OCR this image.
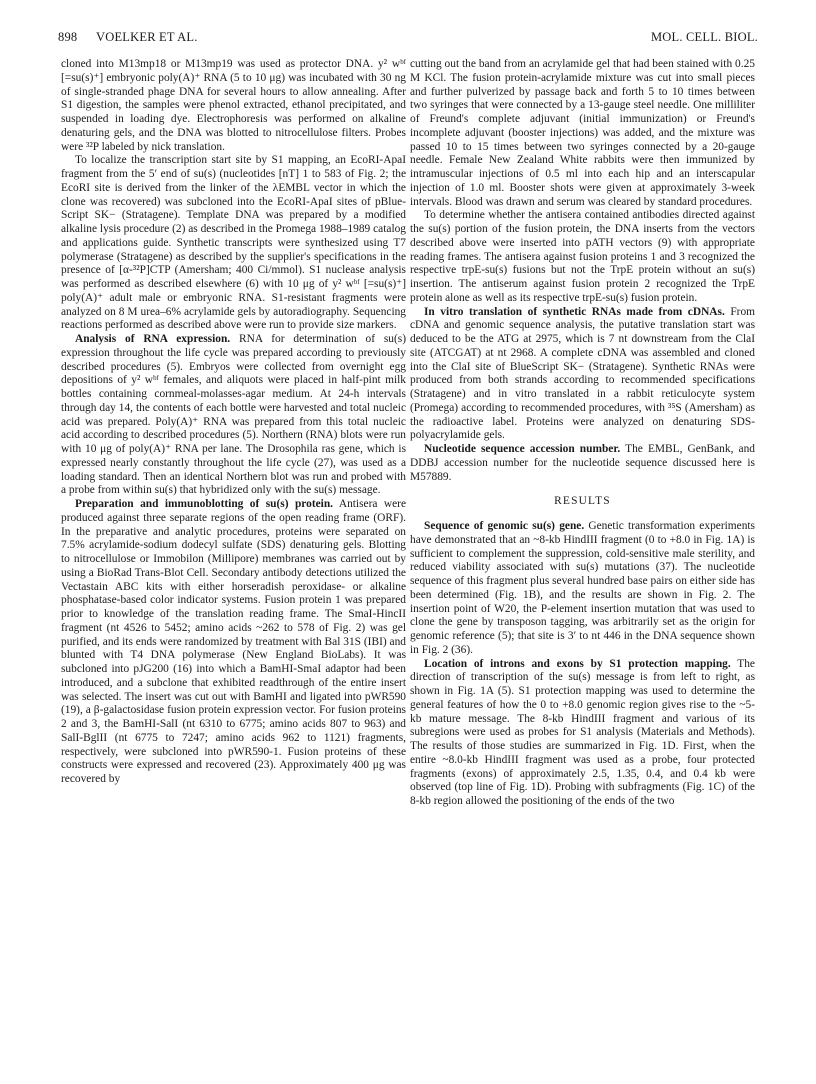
898 VOELKER ET AL.	MOL. CELL. BIOL.

cloned into M13mp18 or M13mp19 was used as protector DNA. y² wᵇᶠ [=su(s)⁺] embryonic poly(A)⁺ RNA (5 to 10 μg) was incubated with 30 ng of single-stranded phage DNA for several hours to allow annealing. After S1 digestion, the samples were phenol extracted, ethanol precipitated, and suspended in loading dye. Electrophoresis was performed on alkaline denaturing gels, and the DNA was blotted to nitrocellulose filters. Probes were ³²P labeled by nick translation.

To localize the transcription start site by S1 mapping, an EcoRI-ApaI fragment from the 5′ end of su(s) (nucleotides [nT] 1 to 583 of Fig. 2; the EcoRI site is derived from the linker of the λEMBL vector in which the clone was recovered) was subcloned into the EcoRI-ApaI sites of pBlue-Script SK− (Stratagene). Template DNA was prepared by a modified alkaline lysis procedure (2) as described in the Promega 1988–1989 catalog and applications guide. Synthetic transcripts were synthesized using T7 polymerase (Stratagene) as described by the supplier's specifications in the presence of [α-³²P]CTP (Amersham; 400 Ci/mmol). S1 nuclease analysis was performed as described elsewhere (6) with 10 μg of y² wᵇᶠ [=su(s)⁺] poly(A)⁺ adult male or embryonic RNA. S1-resistant fragments were analyzed on 8 M urea–6% acrylamide gels by autoradiography. Sequencing reactions performed as described above were run to provide size markers.

Analysis of RNA expression. RNA for determination of su(s) expression throughout the life cycle was prepared according to previously described procedures (5). Embryos were collected from overnight egg depositions of y² wᵇᶠ females, and aliquots were placed in half-pint milk bottles containing cornmeal-molasses-agar medium. At 24-h intervals through day 14, the contents of each bottle were harvested and total nucleic acid was prepared. Poly(A)⁺ RNA was prepared from this total nucleic acid according to described procedures (5). Northern (RNA) blots were run with 10 μg of poly(A)⁺ RNA per lane. The Drosophila ras gene, which is expressed nearly constantly throughout the life cycle (27), was used as a loading standard. Then an identical Northern blot was run and probed with a probe from within su(s) that hybridized only with the su(s) message.

Preparation and immunoblotting of su(s) protein. Antisera were produced against three separate regions of the open reading frame (ORF). In the preparative and analytic procedures, proteins were separated on 7.5% acrylamide-sodium dodecyl sulfate (SDS) denaturing gels. Blotting to nitrocellulose or Immobilon (Millipore) membranes was carried out by using a BioRad Trans-Blot Cell. Secondary antibody detections utilized the Vectastain ABC kits with either horseradish peroxidase- or alkaline phosphatase-based color indicator systems. Fusion protein 1 was prepared prior to knowledge of the translation reading frame. The SmaI-HincII fragment (nt 4526 to 5452; amino acids ~262 to 578 of Fig. 2) was gel purified, and its ends were randomized by treatment with Bal 31S (IBI) and blunted with T4 DNA polymerase (New England BioLabs). It was subcloned into pJG200 (16) into which a BamHI-SmaI adaptor had been introduced, and a subclone that exhibited readthrough of the entire insert was selected. The insert was cut out with BamHI and ligated into pWR590 (19), a β-galactosidase fusion protein expression vector. For fusion proteins 2 and 3, the BamHI-SalI (nt 6310 to 6775; amino acids 807 to 963) and SalI-BglII (nt 6775 to 7247; amino acids 962 to 1121) fragments, respectively, were subcloned into pWR590-1. Fusion proteins of these constructs were expressed and recovered (23). Approximately 400 μg was recovered by

cutting out the band from an acrylamide gel that had been stained with 0.25 M KCl. The fusion protein-acrylamide mixture was cut into small pieces and further pulverized by passage back and forth 5 to 10 times between two syringes that were connected by a 13-gauge steel needle. One milliliter of Freund's complete adjuvant (initial immunization) or Freund's incomplete adjuvant (booster injections) was added, and the mixture was passed 10 to 15 times between two syringes connected by a 20-gauge needle. Female New Zealand White rabbits were then immunized by intramuscular injections of 0.5 ml into each hip and an interscapular injection of 1.0 ml. Booster shots were given at approximately 3-week intervals. Blood was drawn and serum was cleared by standard procedures.

To determine whether the antisera contained antibodies directed against the su(s) portion of the fusion protein, the DNA inserts from the vectors described above were inserted into pATH vectors (9) with appropriate reading frames. The antisera against fusion proteins 1 and 3 recognized the respective trpE-su(s) fusions but not the TrpE protein without an su(s) insertion. The antiserum against fusion protein 2 recognized the TrpE protein alone as well as its respective trpE-su(s) fusion protein.

In vitro translation of synthetic RNAs made from cDNAs. From cDNA and genomic sequence analysis, the putative translation start was deduced to be the ATG at 2975, which is 7 nt downstream from the ClaI site (ATCGAT) at nt 2968. A complete cDNA was assembled and cloned into the ClaI site of BlueScript SK− (Stratagene). Synthetic RNAs were produced from both strands according to recommended specifications (Stratagene) and in vitro translated in a rabbit reticulocyte system (Promega) according to recommended procedures, with ³⁵S (Amersham) as the radioactive label. Proteins were analyzed on denaturing SDS-polyacrylamide gels.

Nucleotide sequence accession number. The EMBL, GenBank, and DDBJ accession number for the nucleotide sequence discussed here is M57889.

RESULTS

Sequence of genomic su(s) gene. Genetic transformation experiments have demonstrated that an ~8-kb HindIII fragment (0 to +8.0 in Fig. 1A) is sufficient to complement the suppression, cold-sensitive male sterility, and reduced viability associated with su(s) mutations (37). The nucleotide sequence of this fragment plus several hundred base pairs on either side has been determined (Fig. 1B), and the results are shown in Fig. 2. The insertion point of W20, the P-element insertion mutation that was used to clone the gene by transposon tagging, was arbitrarily set as the origin for genomic reference (5); that site is 3′ to nt 446 in the DNA sequence shown in Fig. 2 (36).

Location of introns and exons by S1 protection mapping. The direction of transcription of the su(s) message is from left to right, as shown in Fig. 1A (5). S1 protection mapping was used to determine the general features of how the 0 to +8.0 genomic region gives rise to the ~5-kb mature message. The 8-kb HindIII fragment and various of its subregions were used as probes for S1 analysis (Materials and Methods). The results of those studies are summarized in Fig. 1D. First, when the entire ~8.0-kb HindIII fragment was used as a probe, four protected fragments (exons) of approximately 2.5, 1.35, 0.4, and 0.4 kb were observed (top line of Fig. 1D). Probing with subfragments (Fig. 1C) of the 8-kb region allowed the positioning of the ends of the two
